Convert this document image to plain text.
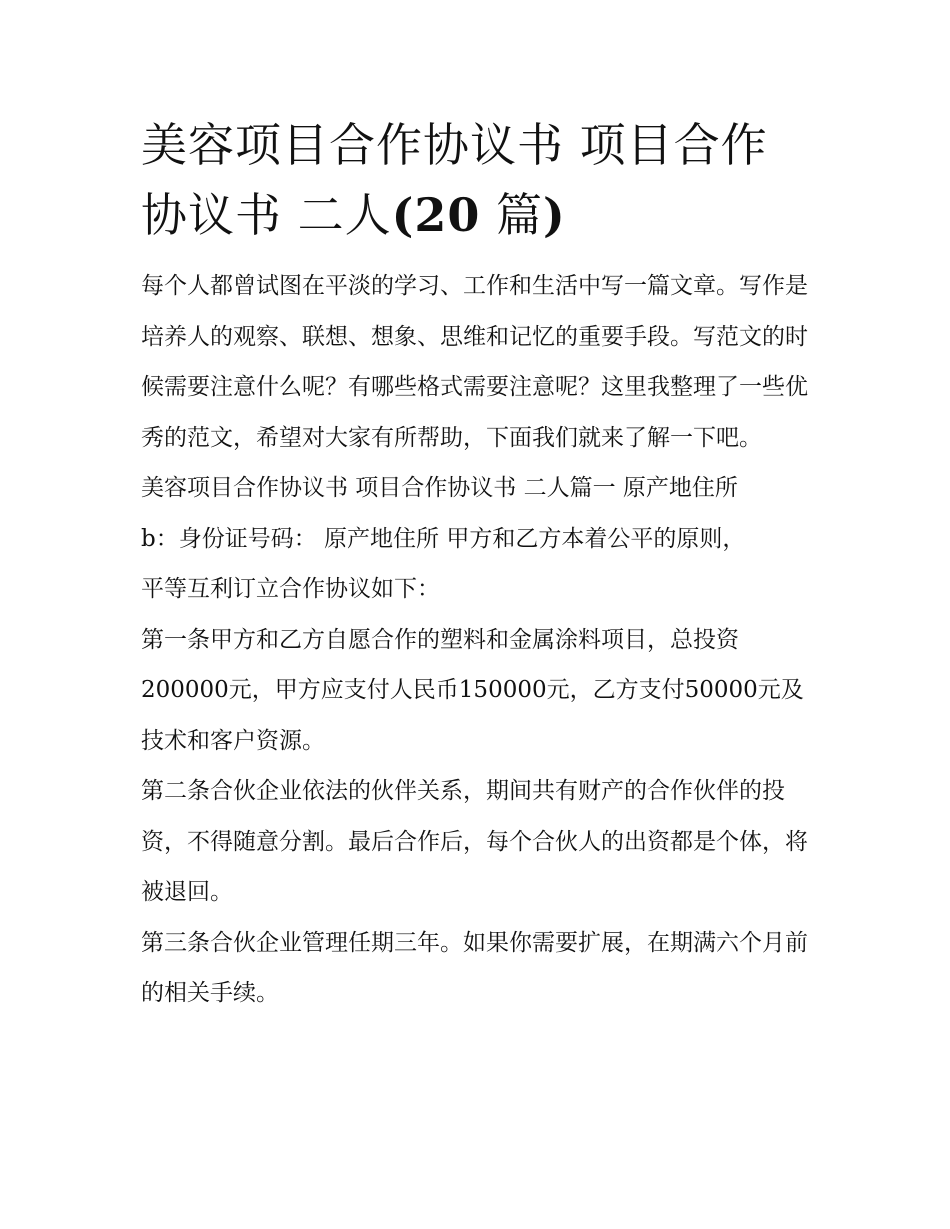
美容项目合作协议书 项目合作
协议书 二人(20 篇)

每个人都曾试图在平淡的学习、工作和生活中写一篇文章。写作是培养人的观察、联想、想象、思维和记忆的重要手段。写范文的时候需要注意什么呢？有哪些格式需要注意呢？这里我整理了一些优秀的范文，希望对大家有所帮助，下面我们就来了解一下吧。

美容项目合作协议书 项目合作协议书 二人篇一 原产地住所

b：身份证号码： 原产地住所 甲方和乙方本着公平的原则，

平等互利订立合作协议如下：

第一条甲方和乙方自愿合作的塑料和金属涂料项目，总投资200000元，甲方应支付人民币150000元，乙方支付50000元及技术和客户资源。

第二条合伙企业依法的伙伴关系，期间共有财产的合作伙伴的投资，不得随意分割。最后合作后，每个合伙人的出资都是个体，将被退回。

第三条合伙企业管理任期三年。如果你需要扩展，在期满六个月前的相关手续。
